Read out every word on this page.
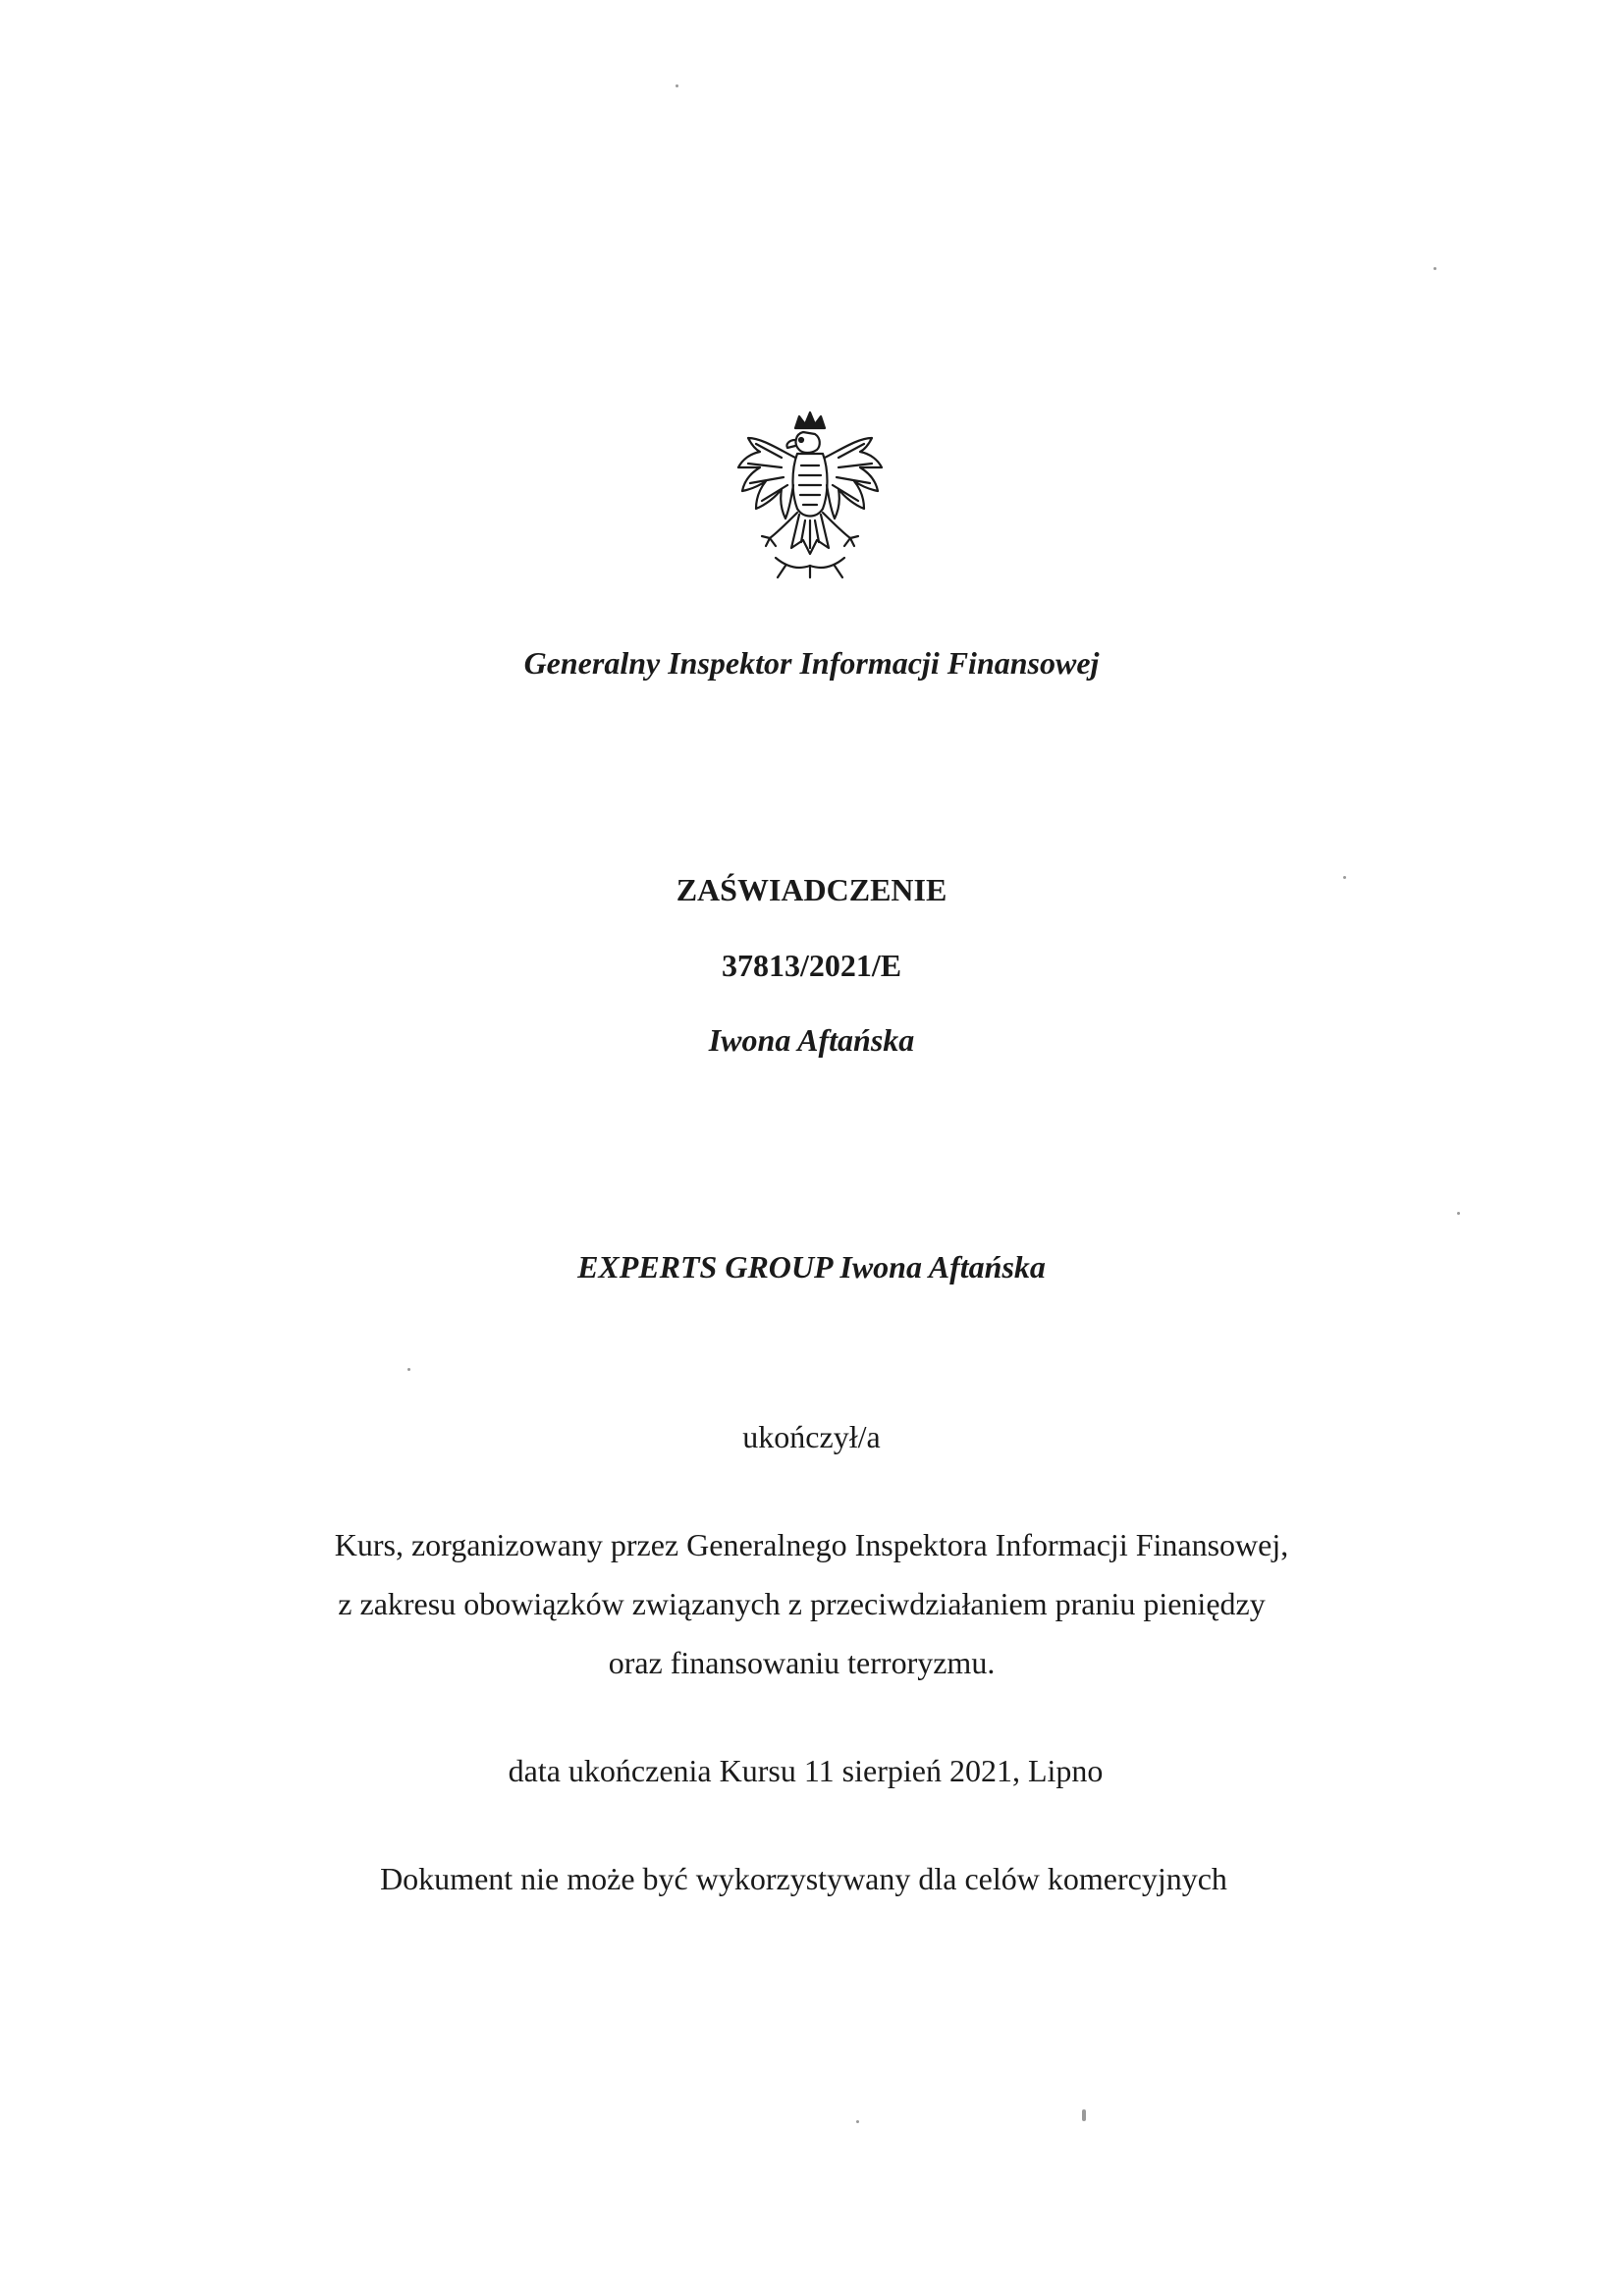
Generalny Inspektor Informacji Finansowej
ZAŚWIADCZENIE
37813/2021/E
Iwona Aftańska
EXPERTS GROUP Iwona Aftańska
ukończył/a
Kurs, zorganizowany przez Generalnego Inspektora Informacji Finansowej,
z zakresu obowiązków związanych z przeciwdziałaniem praniu pieniędzy
oraz finansowaniu terroryzmu.
data ukończenia Kursu 11 sierpień 2021, Lipno
Dokument nie może być wykorzystywany dla celów komercyjnych
